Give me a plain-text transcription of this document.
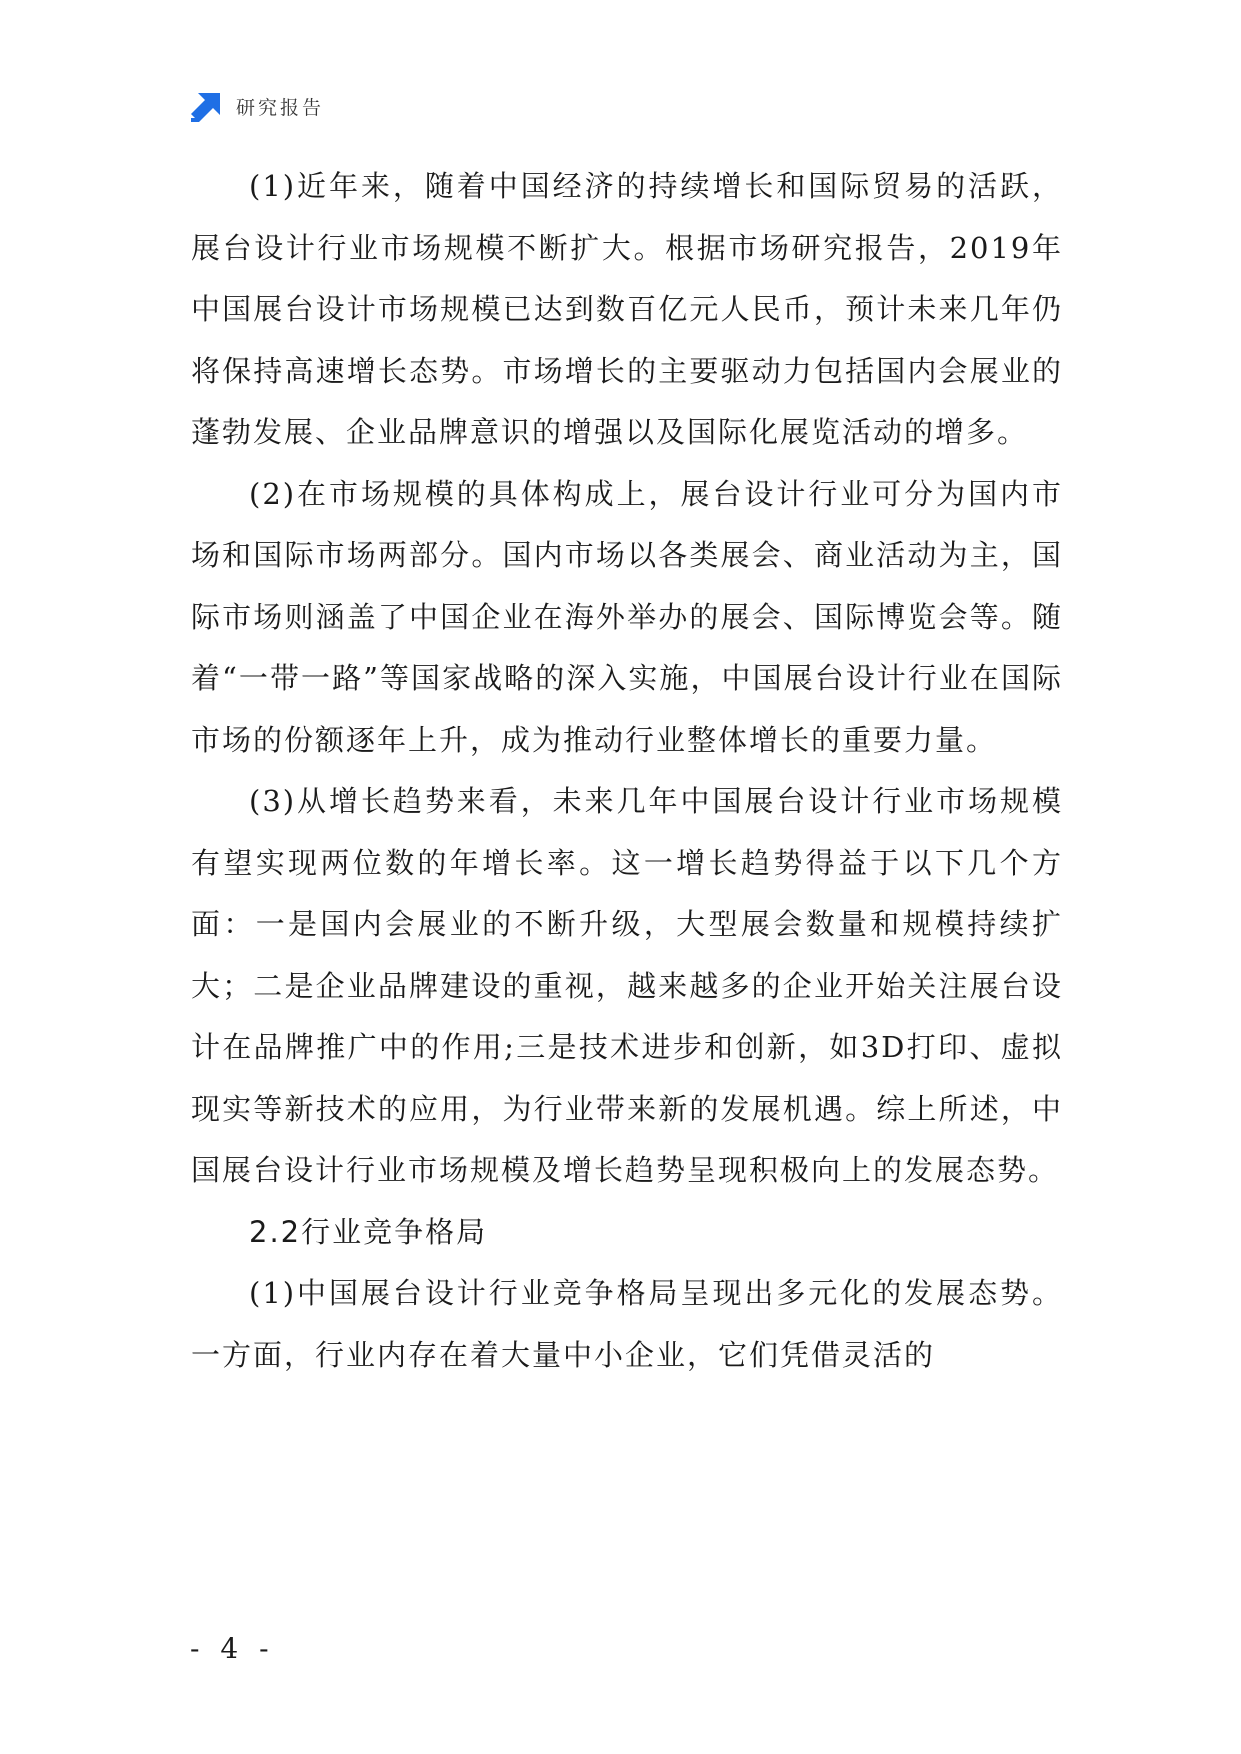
研究报告

(1)近年来，随着中国经济的持续增长和国际贸易的活跃，展台设计行业市场规模不断扩大。根据市场研究报告，2019年中国展台设计市场规模已达到数百亿元人民币，预计未来几年仍将保持高速增长态势。市场增长的主要驱动力包括国内会展业的蓬勃发展、企业品牌意识的增强以及国际化展览活动的增多。

(2)在市场规模的具体构成上，展台设计行业可分为国内市场和国际市场两部分。国内市场以各类展会、商业活动为主，国际市场则涵盖了中国企业在海外举办的展会、国际博览会等。随着“一带一路”等国家战略的深入实施，中国展台设计行业在国际市场的份额逐年上升，成为推动行业整体增长的重要力量。

(3)从增长趋势来看，未来几年中国展台设计行业市场规模有望实现两位数的年增长率。这一增长趋势得益于以下几个方面：一是国内会展业的不断升级，大型展会数量和规模持续扩大；二是企业品牌建设的重视，越来越多的企业开始关注展台设计在品牌推广中的作用;三是技术进步和创新，如3D打印、虚拟现实等新技术的应用，为行业带来新的发展机遇。综上所述，中国展台设计行业市场规模及增长趋势呈现积极向上的发展态势。

2.2行业竞争格局

(1)中国展台设计行业竞争格局呈现出多元化的发展态势。一方面，行业内存在着大量中小企业，它们凭借灵活的

- 4 -
